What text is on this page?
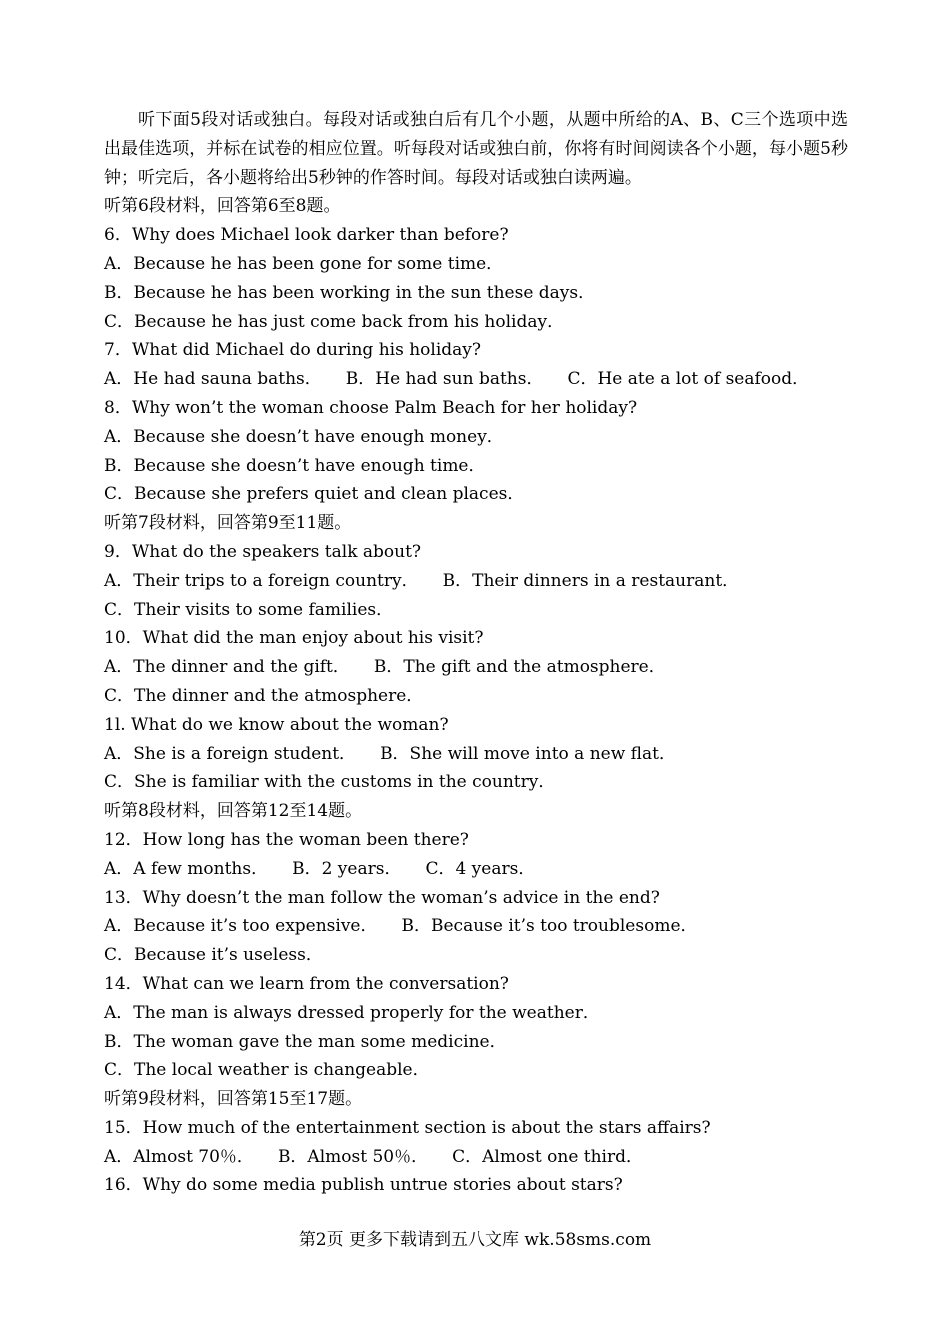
听下面5段对话或独白。每段对话或独白后有几个小题，从题中所给的A、B、C三个选项中选出最佳选项，并标在试卷的相应位置。听每段对话或独白前，你将有时间阅读各个小题，每小题5秒钟；听完后，各小题将给出5秒钟的作答时间。每段对话或独白读两遍。
听第6段材料，回答第6至8题。
6．Why does Michael look darker than before?
A．Because he has been gone for some time．
B．Because he has been working in the sun these days．
C．Because he has just come back from his holiday．
7．What did Michael do during his holiday?
A．He had sauna baths． B．He had sun baths． C．He ate a lot of seafood．
8．Why won’t the woman choose Palm Beach for her holiday?
A．Because she doesn’t have enough money．
B．Because she doesn’t have enough time．
C．Because she prefers quiet and clean places．
听第7段材料，回答第9至11题。
9．What do the speakers talk about?
A．Their trips to a foreign country． B．Their dinners in a restaurant．
C．Their visits to some families．
10．What did the man enjoy about his visit?
A．The dinner and the gift． B．The gift and the atmosphere．
C．The dinner and the atmosphere．
1l. What do we know about the woman?
A．She is a foreign student． B．She will move into a new flat．
C．She is familiar with the customs in the country．
听第8段材料，回答第12至14题。
12．How long has the woman been there?
A．A few months． B．2 years． C．4 years．
13．Why doesn’t the man follow the woman’s advice in the end?
A．Because it’s too expensive． B．Because it’s too troublesome．
C．Because it’s useless．
14．What can we learn from the conversation?
A．The man is always dressed properly for the weather．
B．The woman gave the man some medicine．
C．The local weather is changeable．
听第9段材料，回答第15至17题。
15．How much of the entertainment section is about the stars affairs?
A．Almost 70％． B．Almost 50％． C．Almost one third．
16．Why do some media publish untrue stories about stars?
第2页 更多下载请到五八文库 wk.58sms.com
